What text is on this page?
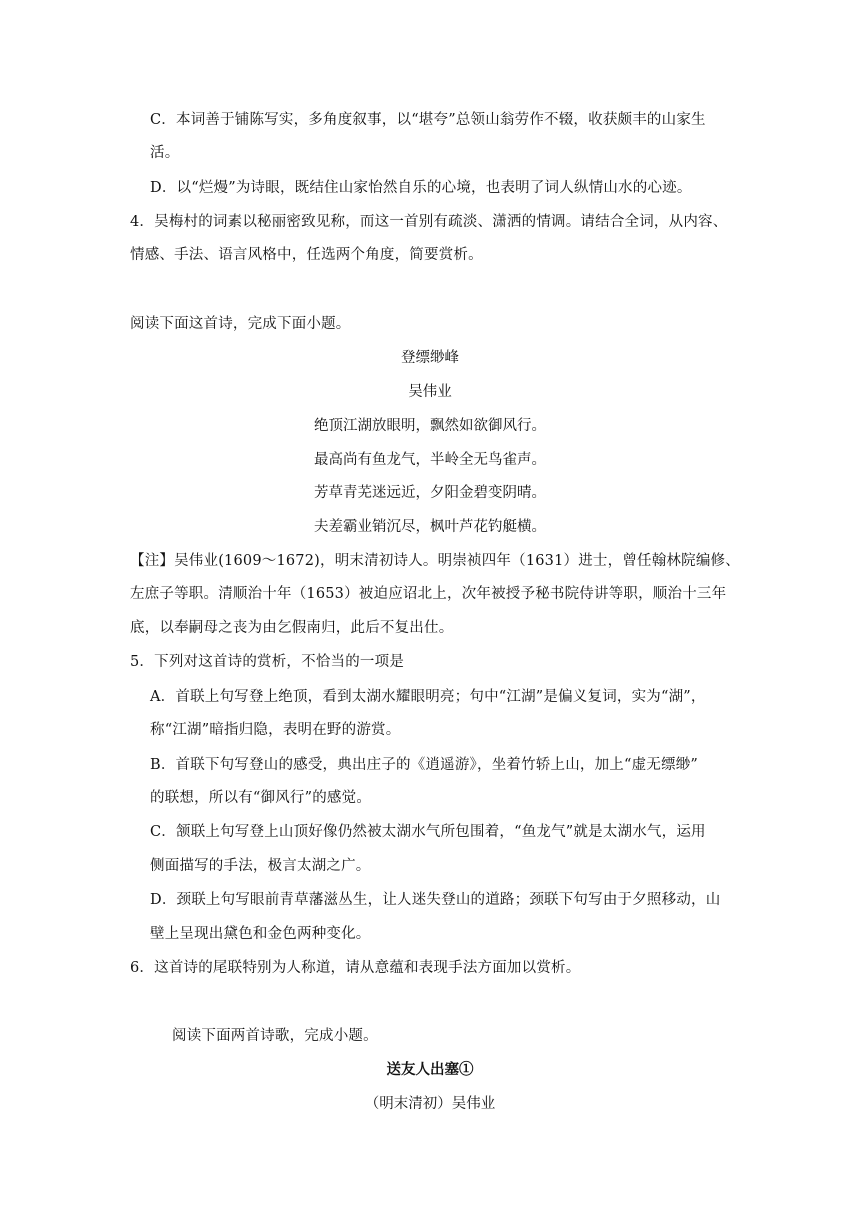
C．本词善于铺陈写实，多角度叙事，以“堪夸”总领山翁劳作不辍，收获颇丰的山家生
活。
D．以“烂熳”为诗眼，既结住山家怡然自乐的心境，也表明了词人纵情山水的心迹。
4．吴梅村的词素以秘丽密致见称，而这一首别有疏淡、潇洒的情调。请结合全词，从内容、
情感、手法、语言风格中，任选两个角度，简要赏析。
阅读下面这首诗，完成下面小题。
登缥缈峰
吴伟业
绝顶江湖放眼明，飘然如欲御风行。
最高尚有鱼龙气，半岭全无鸟雀声。
芳草青芜迷远近，夕阳金碧变阴晴。
夫差霸业销沉尽，枫叶芦花钓艇横。
【注】吴伟业(1609～1672)，明末清初诗人。明崇祯四年（1631）进士，曾任翰林院编修、
左庶子等职。清顺治十年（1653）被迫应诏北上，次年被授予秘书院侍讲等职，顺治十三年
底，以奉嗣母之丧为由乞假南归，此后不复出仕。
5．下列对这首诗的赏析，不恰当的一项是
A．首联上句写登上绝顶，看到太湖水耀眼明亮；句中“江湖”是偏义复词，实为“湖”，
称“江湖”暗指归隐，表明在野的游赏。
B．首联下句写登山的感受，典出庄子的《逍遥游》，坐着竹轿上山，加上“虚无缥缈”
的联想，所以有“御风行”的感觉。
C．颔联上句写登上山顶好像仍然被太湖水气所包围着，“鱼龙气”就是太湖水气，运用
侧面描写的手法，极言太湖之广。
D．颈联上句写眼前青草藩滋丛生，让人迷失登山的道路；颈联下句写由于夕照移动，山
壁上呈现出黛色和金色两种变化。
6．这首诗的尾联特别为人称道，请从意蕴和表现手法方面加以赏析。
阅读下面两首诗歌，完成小题。
送友人出塞①
（明末清初）吴伟业
